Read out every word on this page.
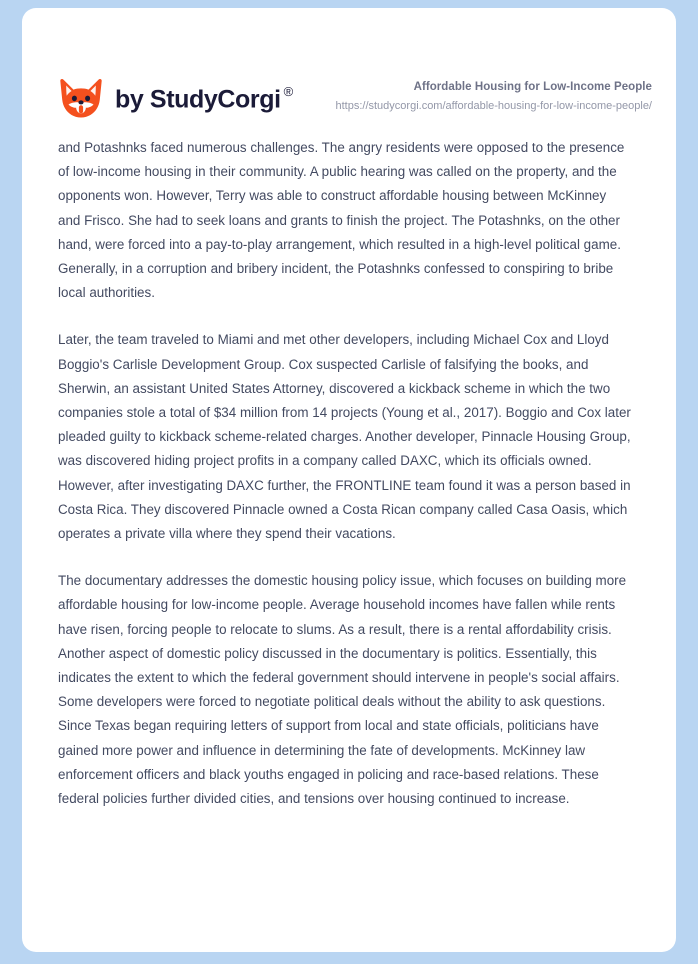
by StudyCorgi ®	Affordable Housing for Low-Income People
https://studycorgi.com/affordable-housing-for-low-income-people/

and Potashnks faced numerous challenges. The angry residents were opposed to the presence of low-income housing in their community. A public hearing was called on the property, and the opponents won. However, Terry was able to construct affordable housing between McKinney and Frisco. She had to seek loans and grants to finish the project. The Potashnks, on the other hand, were forced into a pay-to-play arrangement, which resulted in a high-level political game. Generally, in a corruption and bribery incident, the Potashnks confessed to conspiring to bribe local authorities.

Later, the team traveled to Miami and met other developers, including Michael Cox and Lloyd Boggio's Carlisle Development Group. Cox suspected Carlisle of falsifying the books, and Sherwin, an assistant United States Attorney, discovered a kickback scheme in which the two companies stole a total of $34 million from 14 projects (Young et al., 2017). Boggio and Cox later pleaded guilty to kickback scheme-related charges. Another developer, Pinnacle Housing Group, was discovered hiding project profits in a company called DAXC, which its officials owned. However, after investigating DAXC further, the FRONTLINE team found it was a person based in Costa Rica. They discovered Pinnacle owned a Costa Rican company called Casa Oasis, which operates a private villa where they spend their vacations.

The documentary addresses the domestic housing policy issue, which focuses on building more affordable housing for low-income people. Average household incomes have fallen while rents have risen, forcing people to relocate to slums. As a result, there is a rental affordability crisis. Another aspect of domestic policy discussed in the documentary is politics. Essentially, this indicates the extent to which the federal government should intervene in people's social affairs. Some developers were forced to negotiate political deals without the ability to ask questions. Since Texas began requiring letters of support from local and state officials, politicians have gained more power and influence in determining the fate of developments. McKinney law enforcement officers and black youths engaged in policing and race-based relations. These federal policies further divided cities, and tensions over housing continued to increase.
